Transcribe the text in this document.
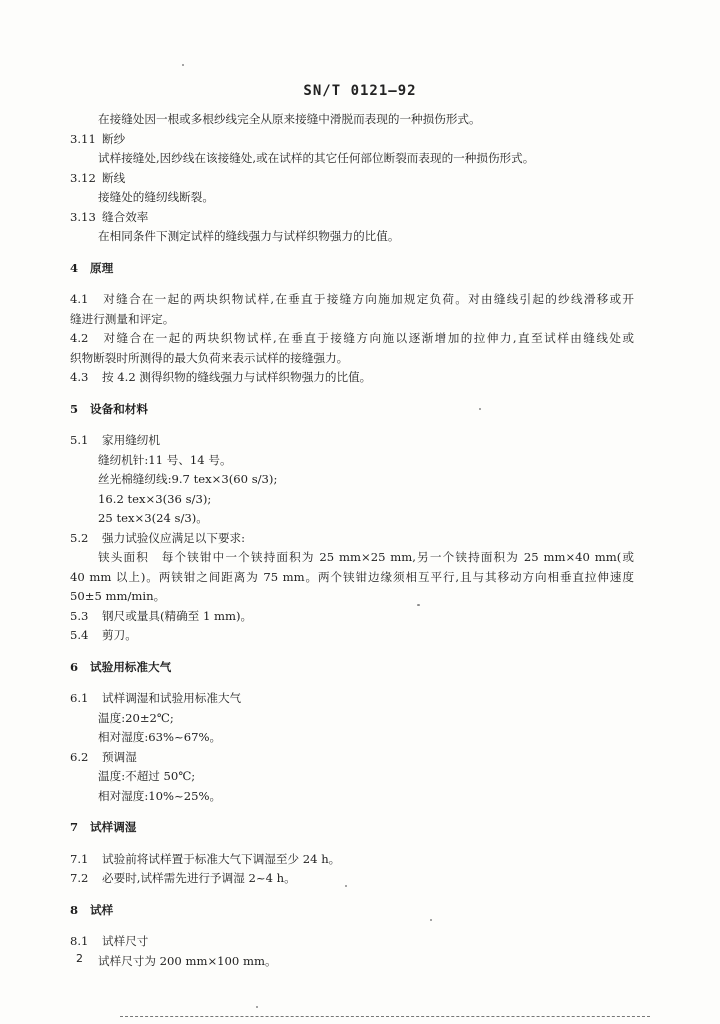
SN/T 0121—92
在接缝处因一根或多根纱线完全从原来接缝中滑脱而表现的一种损伤形式。
3.11 断纱
试样接缝处,因纱线在该接缝处,或在试样的其它任何部位断裂而表现的一种损伤形式。
3.12 断线
接缝处的缝纫线断裂。
3.13 缝合效率
在相同条件下测定试样的缝线强力与试样织物强力的比值。
4 原理
4.1 对缝合在一起的两块织物试样,在垂直于接缝方向施加规定负荷。对由缝线引起的纱线滑移或开
缝进行测量和评定。
4.2 对缝合在一起的两块织物试样,在垂直于接缝方向施以逐渐增加的拉伸力,直至试样由缝线处或
织物断裂时所测得的最大负荷来表示试样的接缝强力。
4.3 按 4.2 测得织物的缝线强力与试样织物强力的比值。
5 设备和材料
5.1 家用缝纫机
缝纫机针:11 号、14 号。
丝光棉缝纫线:9.7 tex×3(60 s/3);
16.2 tex×3(36 s/3);
25 tex×3(24 s/3)。
5.2 强力试验仪应满足以下要求:
铗头面积　每个铗钳中一个铗持面积为 25 mm×25 mm,另一个铗持面积为 25 mm×40 mm(或
40 mm 以上)。两铗钳之间距离为 75 mm。两个铗钳边缘须相互平行,且与其移动方向相垂直拉伸速度
50±5 mm/min。
5.3 钢尺或量具(精确至 1 mm)。
5.4 剪刀。
6 试验用标准大气
6.1 试样调湿和试验用标准大气
温度:20±2℃;
相对湿度:63%~67%。
6.2 预调湿
温度:不超过 50℃;
相对湿度:10%~25%。
7 试样调湿
7.1 试验前将试样置于标准大气下调湿至少 24 h。
7.2 必要时,试样需先进行予调湿 2~4 h。
8 试样
8.1 试样尺寸
试样尺寸为 200 mm×100 mm。
2
